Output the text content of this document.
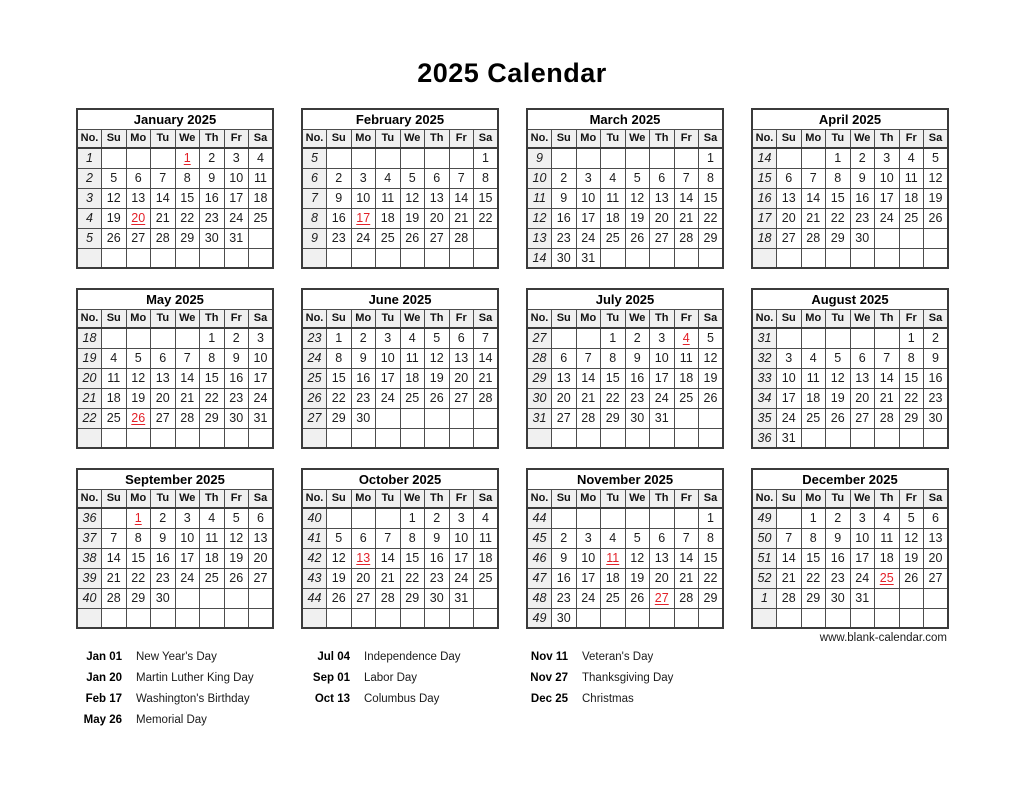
2025 Calendar
January 2025							
No.	Su	Mo	Tu	We	Th	Fr	Sa
1				1	2	3	4
2	5	6	7	8	9	10	11
3	12	13	14	15	16	17	18
4	19	20	21	22	23	24	25
5	26	27	28	29	30	31	

February 2025							
No.	Su	Mo	Tu	We	Th	Fr	Sa
5							1
6	2	3	4	5	6	7	8
7	9	10	11	12	13	14	15
8	16	17	18	19	20	21	22
9	23	24	25	26	27	28	

March 2025							
No.	Su	Mo	Tu	We	Th	Fr	Sa
9							1
10	2	3	4	5	6	7	8
11	9	10	11	12	13	14	15
12	16	17	18	19	20	21	22
13	23	24	25	26	27	28	29
14	30	31					
April 2025							
No.	Su	Mo	Tu	We	Th	Fr	Sa
14			1	2	3	4	5
15	6	7	8	9	10	11	12
16	13	14	15	16	17	18	19
17	20	21	22	23	24	25	26
18	27	28	29	30			

May 2025							
No.	Su	Mo	Tu	We	Th	Fr	Sa
18					1	2	3
19	4	5	6	7	8	9	10
20	11	12	13	14	15	16	17
21	18	19	20	21	22	23	24
22	25	26	27	28	29	30	31

June 2025							
No.	Su	Mo	Tu	We	Th	Fr	Sa
23	1	2	3	4	5	6	7
24	8	9	10	11	12	13	14
25	15	16	17	18	19	20	21
26	22	23	24	25	26	27	28
27	29	30					

July 2025							
No.	Su	Mo	Tu	We	Th	Fr	Sa
27			1	2	3	4	5
28	6	7	8	9	10	11	12
29	13	14	15	16	17	18	19
30	20	21	22	23	24	25	26
31	27	28	29	30	31		

August 2025							
No.	Su	Mo	Tu	We	Th	Fr	Sa
31						1	2
32	3	4	5	6	7	8	9
33	10	11	12	13	14	15	16
34	17	18	19	20	21	22	23
35	24	25	26	27	28	29	30
36	31						
September 2025							
No.	Su	Mo	Tu	We	Th	Fr	Sa
36		1	2	3	4	5	6
37	7	8	9	10	11	12	13
38	14	15	16	17	18	19	20
39	21	22	23	24	25	26	27
40	28	29	30				

October 2025							
No.	Su	Mo	Tu	We	Th	Fr	Sa
40				1	2	3	4
41	5	6	7	8	9	10	11
42	12	13	14	15	16	17	18
43	19	20	21	22	23	24	25
44	26	27	28	29	30	31	

November 2025							
No.	Su	Mo	Tu	We	Th	Fr	Sa
44							1
45	2	3	4	5	6	7	8
46	9	10	11	12	13	14	15
47	16	17	18	19	20	21	22
48	23	24	25	26	27	28	29
49	30						
December 2025							
No.	Su	Mo	Tu	We	Th	Fr	Sa
49		1	2	3	4	5	6
50	7	8	9	10	11	12	13
51	14	15	16	17	18	19	20
52	21	22	23	24	25	26	27
1	28	29	30	31			

www.blank-calendar.com
Jan 01 New Year's Day
Jan 20 Martin Luther King Day
Feb 17 Washington's Birthday
May 26 Memorial Day
Jul 04 Independence Day
Sep 01 Labor Day
Oct 13 Columbus Day
Nov 11 Veteran's Day
Nov 27 Thanksgiving Day
Dec 25 Christmas
